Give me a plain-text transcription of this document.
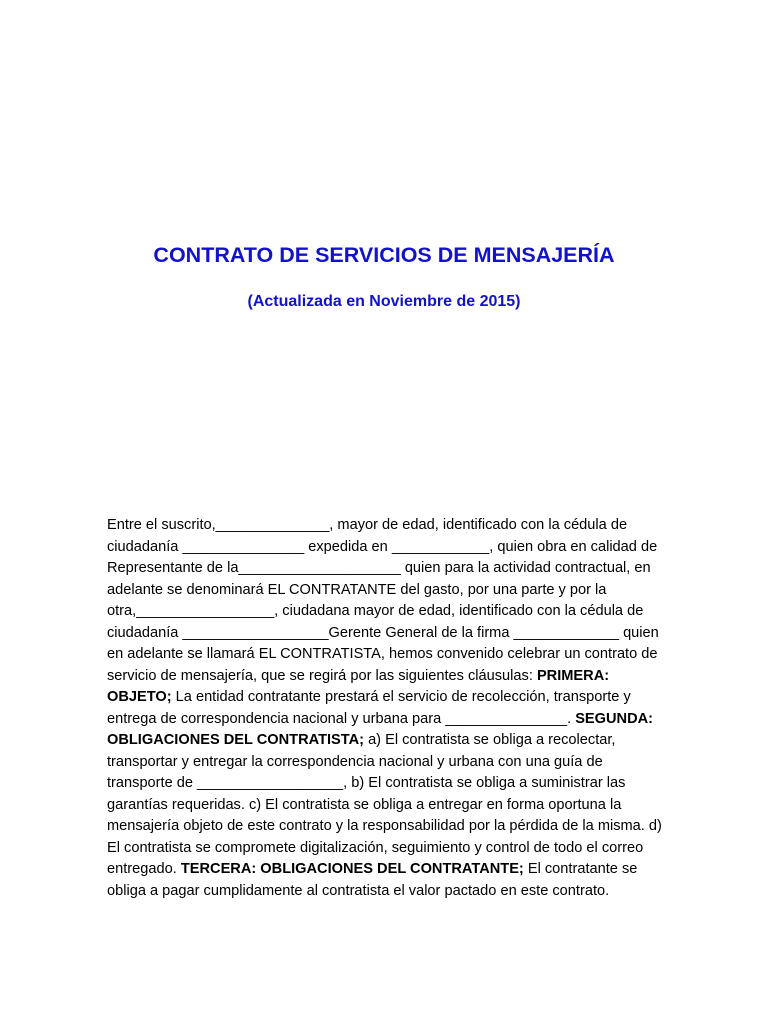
CONTRATO DE SERVICIOS DE MENSAJERÍA

(Actualizada en Noviembre de 2015)

Entre el suscrito,______________, mayor de edad, identificado con la cédula de ciudadanía _______________ expedida en ____________, quien obra en calidad de Representante de la____________________ quien para la actividad contractual, en adelante se denominará EL CONTRATANTE del gasto, por una parte y por la otra,_________________, ciudadana mayor de edad, identificado con la cédula de ciudadanía __________________Gerente General de la firma _____________ quien en adelante se llamará EL CONTRATISTA, hemos convenido celebrar un contrato de servicio de mensajería, que se regirá por las siguientes cláusulas: PRIMERA: OBJETO; La entidad contratante prestará el servicio de recolección, transporte y entrega de correspondencia nacional y urbana para _______________. SEGUNDA: OBLIGACIONES DEL CONTRATISTA; a) El contratista se obliga a recolectar, transportar y entregar la correspondencia nacional y urbana con una guía de transporte de __________________, b) El contratista se obliga a suministrar las garantías requeridas. c) El contratista se obliga a entregar en forma oportuna la mensajería objeto de este contrato y la responsabilidad por la pérdida de la misma. d) El contratista se compromete digitalización, seguimiento y control de todo el correo entregado. TERCERA: OBLIGACIONES DEL CONTRATANTE; El contratante se obliga a pagar cumplidamente al contratista el valor pactado en este contrato.
